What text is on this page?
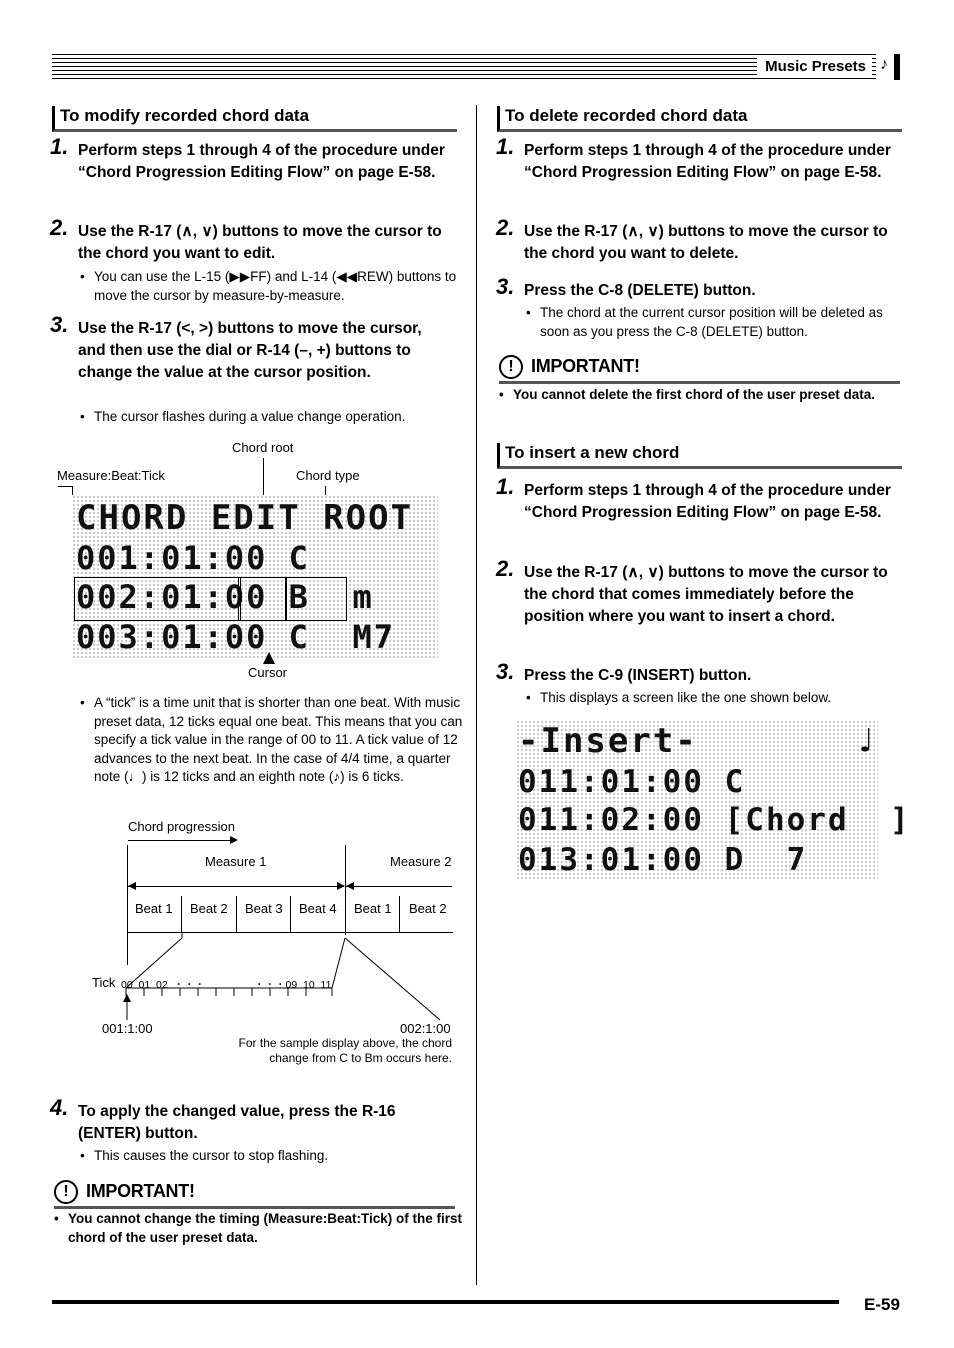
Music Presets ♪
To modify recorded chord data
1. Perform steps 1 through 4 of the procedure under “Chord Progression Editing Flow” on page E-58.
2. Use the R-17 (∧, ∨) buttons to move the cursor to the chord you want to edit.
• You can use the L-15 (▶▶FF) and L-14 (◀◀REW) buttons to move the cursor by measure-by-measure.
3. Use the R-17 (<, >) buttons to move the cursor, and then use the dial or R-14 (–, +) buttons to change the value at the cursor position.
• The cursor flashes during a value change operation.
Chord root
Measure:Beat:Tick	Chord type
CHORD EDIT ROOT
001:01:00 C
002:01:00 B  m
003:01:00 C  M7
Cursor
• A “tick” is a time unit that is shorter than one beat. With music preset data, 12 ticks equal one beat. This means that you can specify a tick value in the range of 00 to 11. A tick value of 12 advances to the next beat. In the case of 4/4 time, a quarter note (♩) is 12 ticks and an eighth note (♪) is 6 ticks.
Chord progression
Measure 1	Measure 2
Beat 1 Beat 2 Beat 3 Beat 4 Beat 1 Beat 2
Tick 00  01  02  ・・・	・・・09  10  11
001:1:00	002:1:00
For the sample display above, the chord change from C to Bm occurs here.
4. To apply the changed value, press the R-16 (ENTER) button.
• This causes the cursor to stop flashing.
! IMPORTANT!
• You cannot change the timing (Measure:Beat:Tick) of the first chord of the user preset data.
To delete recorded chord data
1. Perform steps 1 through 4 of the procedure under “Chord Progression Editing Flow” on page E-58.
2. Use the R-17 (∧, ∨) buttons to move the cursor to the chord you want to delete.
3. Press the C-8 (DELETE) button.
• The chord at the current cursor position will be deleted as soon as you press the C-8 (DELETE) button.
! IMPORTANT!
• You cannot delete the first chord of the user preset data.
To insert a new chord
1. Perform steps 1 through 4 of the procedure under “Chord Progression Editing Flow” on page E-58.
2. Use the R-17 (∧, ∨) buttons to move the cursor to the chord that comes immediately before the position where you want to insert a chord.
3. Press the C-9 (INSERT) button.
• This displays a screen like the one shown below.
-Insert-       ♩
011:01:00 C
011:02:00 [Chord  ]
013:01:00 D  7
E-59
